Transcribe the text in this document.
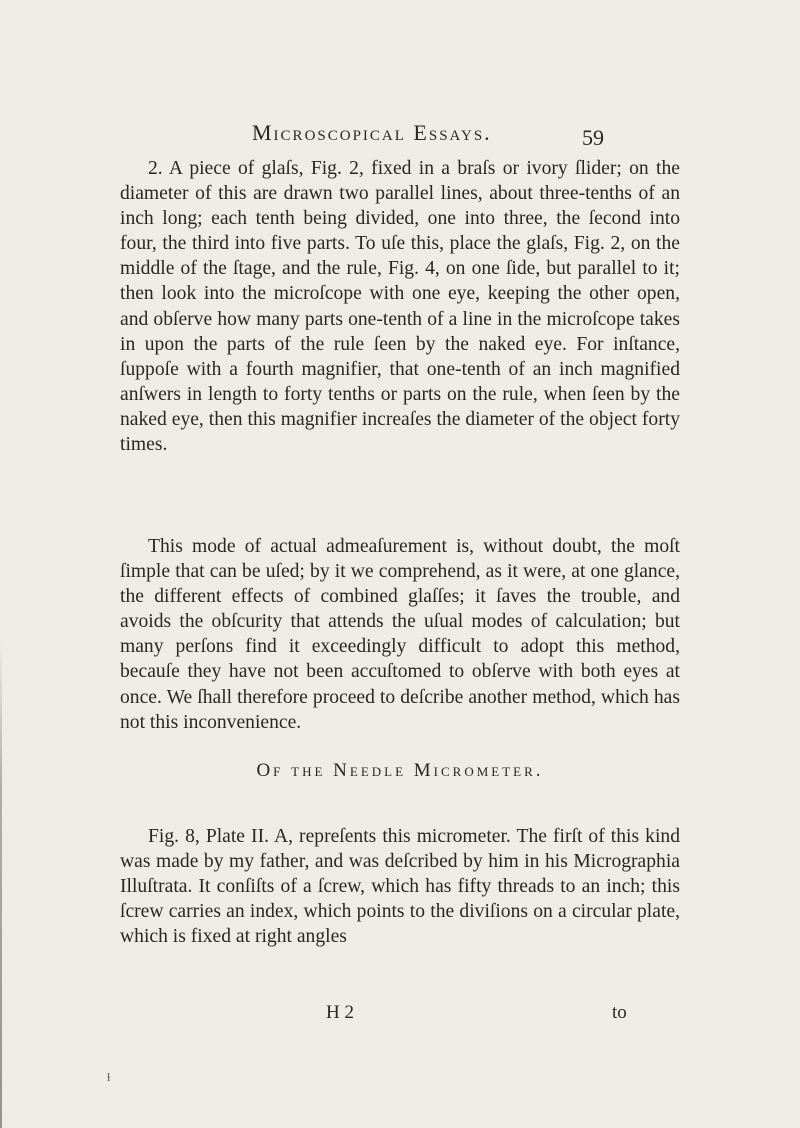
Microscopical Essays.	59

2. A piece of glaſs, Fig. 2, fixed in a braſs or ivory ſlider; on the diameter of this are drawn two parallel lines, about three-tenths of an inch long; each tenth being divided, one into three, the ſecond into four, the third into five parts. To uſe this, place the glaſs, Fig. 2, on the middle of the ſtage, and the rule, Fig. 4, on one ſide, but parallel to it; then look into the microſcope with one eye, keeping the other open, and obſerve how many parts one-tenth of a line in the microſcope takes in upon the parts of the rule ſeen by the naked eye. For inſtance, ſuppoſe with a fourth magnifier, that one-tenth of an inch magnified anſwers in length to forty tenths or parts on the rule, when ſeen by the naked eye, then this magnifier increaſes the diameter of the object forty times.

This mode of actual admeaſurement is, without doubt, the moſt ſimple that can be uſed; by it we comprehend, as it were, at one glance, the different effects of combined glaſſes; it ſaves the trouble, and avoids the obſcurity that attends the uſual modes of calculation; but many perſons find it exceedingly difficult to adopt this method, becauſe they have not been accuſtomed to obſerve with both eyes at once. We ſhall therefore proceed to deſcribe another method, which has not this inconvenience.

Of the Needle Micrometer.

Fig. 8, Plate II. A, repreſents this micrometer. The firſt of this kind was made by my father, and was deſcribed by him in his Micrographia Illuſtrata. It conſiſts of a ſcrew, which has fifty threads to an inch; this ſcrew carries an index, which points to the diviſions on a circular plate, which is fixed at right angles

H 2	to
ɫ
